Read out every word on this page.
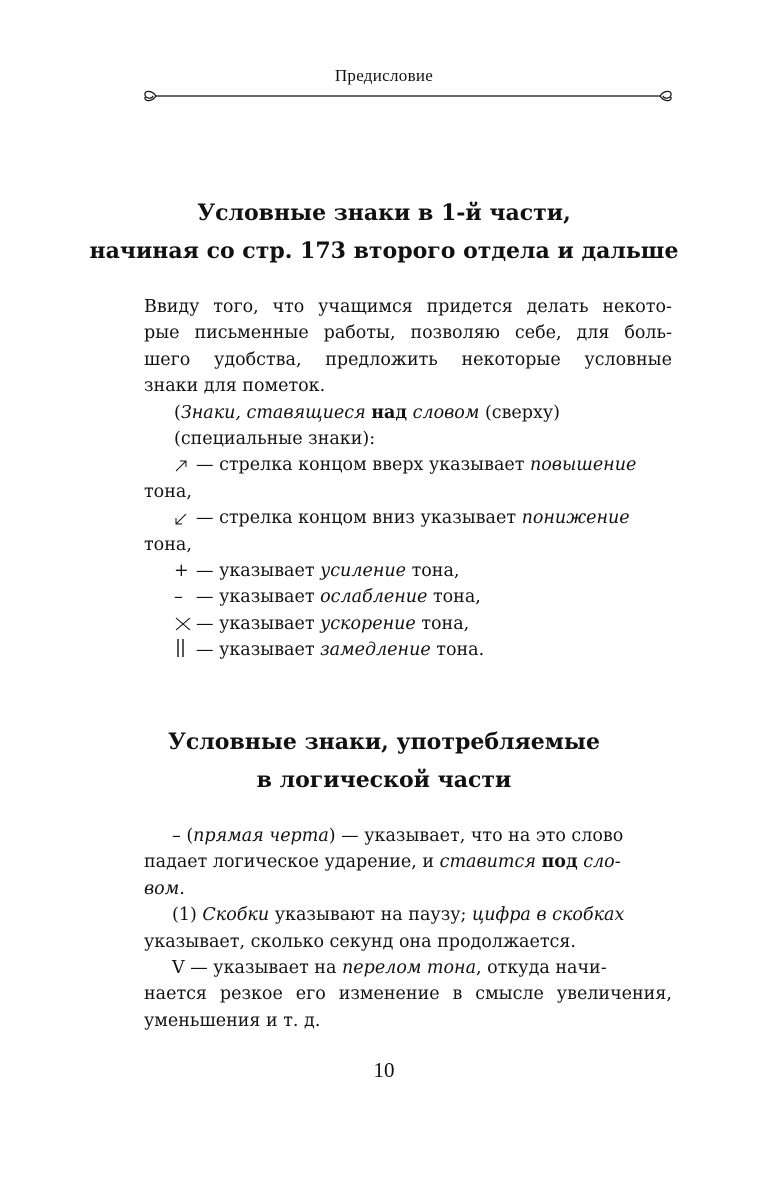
Предисловие
Условные знаки в 1-й части,
начиная со стр. 173 второго отдела и дальше
Ввиду того, что учащимся придется делать некото-
рые письменные работы, позволяю себе, для боль-
шего удобства, предложить некоторые условные
знаки для пометок.
(Знаки, ставящиеся над словом (сверху)
(специальные знаки):
— стрелка концом вверх указывает повышение
тона,
— стрелка концом вниз указывает понижение
тона,
+ — указывает усиление тона,
– — указывает ослабление тона,
— указывает ускорение тона,
— указывает замедление тона.
Условные знаки, употребляемые
в логической части
– (прямая черта) — указывает, что на это слово
падает логическое ударение, и ставится под сло-
вом.
(1) Скобки указывают на паузу; цифра в скобках
указывает, сколько секунд она продолжается.
V — указывает на перелом тона, откуда начи-
нается резкое его изменение в смысле увеличения,
уменьшения и т. д.
10
